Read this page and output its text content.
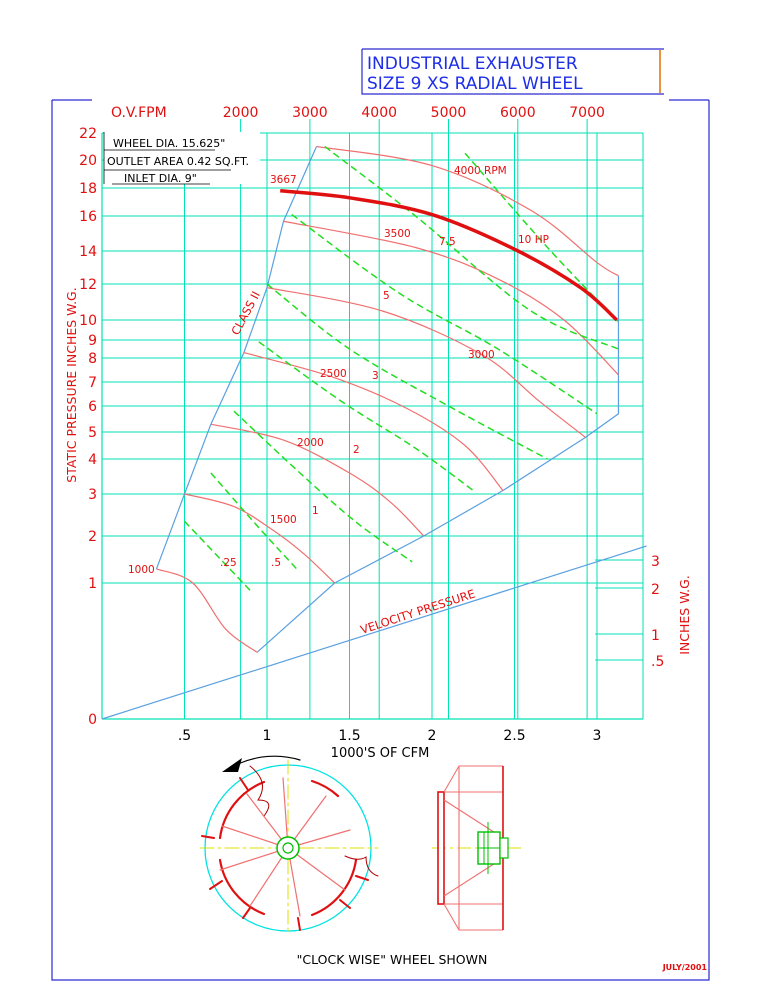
INDUSTRIAL EXHAUSTER
SIZE 9 XS RADIAL WHEEL
VELOCITY PRESSURE
CLASS II
1000
1500
2000
2500
3000
3500
4000 RPM
.25	.5
1
2
3
5
7.5	10 HP
3667
0
1
2
3
4
5
6
7
8
9
10
12
14
16
18
20
22
.5	1	1.5	2	2.5	3
2000 3000 4000 5000 6000 7000
O.V.FPM
.5
1
2
3
1000'S OF CFM
STATIC PRESSURE INCHES W.G.
INCHES W.G.
WHEEL DIA. 15.625"
OUTLET AREA 0.42 SQ.FT.
INLET DIA. 9"
"CLOCK WISE" WHEEL SHOWN
JULY/2001
